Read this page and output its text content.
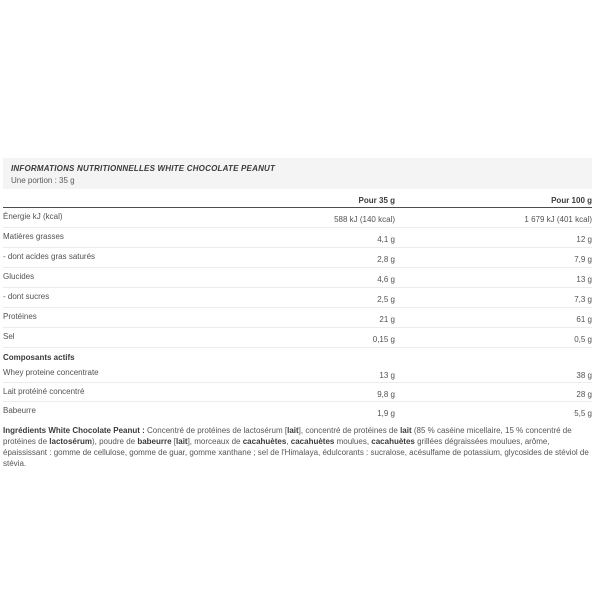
INFORMATIONS NUTRITIONNELLES WHITE CHOCOLATE PEANUT
Une portion : 35 g
Pour 35 g	Pour 100 g
Énergie kJ (kcal)	588 kJ (140 kcal)	1 679 kJ (401 kcal)
Matières grasses	4,1 g	12 g
- dont acides gras saturés	2,8 g	7,9 g
Glucides	4,6 g	13 g
- dont sucres	2,5 g	7,3 g
Protéines	21 g	61 g
Sel	0,15 g	0,5 g
Composants actifs
Whey proteine concentrate	13 g	38 g
Lait protéiné concentré	9,8 g	28 g
Babeurre	1,9 g	5,5 g

Ingrédients White Chocolate Peanut : Concentré de protéines de lactosérum [lait], concentré de protéines de lait (85 % caséine micellaire, 15 % concentré de protéines de lactosérum), poudre de babeurre [lait], morceaux de cacahuètes, cacahuètes moulues, cacahuètes grillées dégraissées moulues, arôme, épaississant : gomme de cellulose, gomme de guar, gomme xanthane ; sel de l'Himalaya, édulcorants : sucralose, acésulfame de potassium, glycosides de stéviol de stévia.
